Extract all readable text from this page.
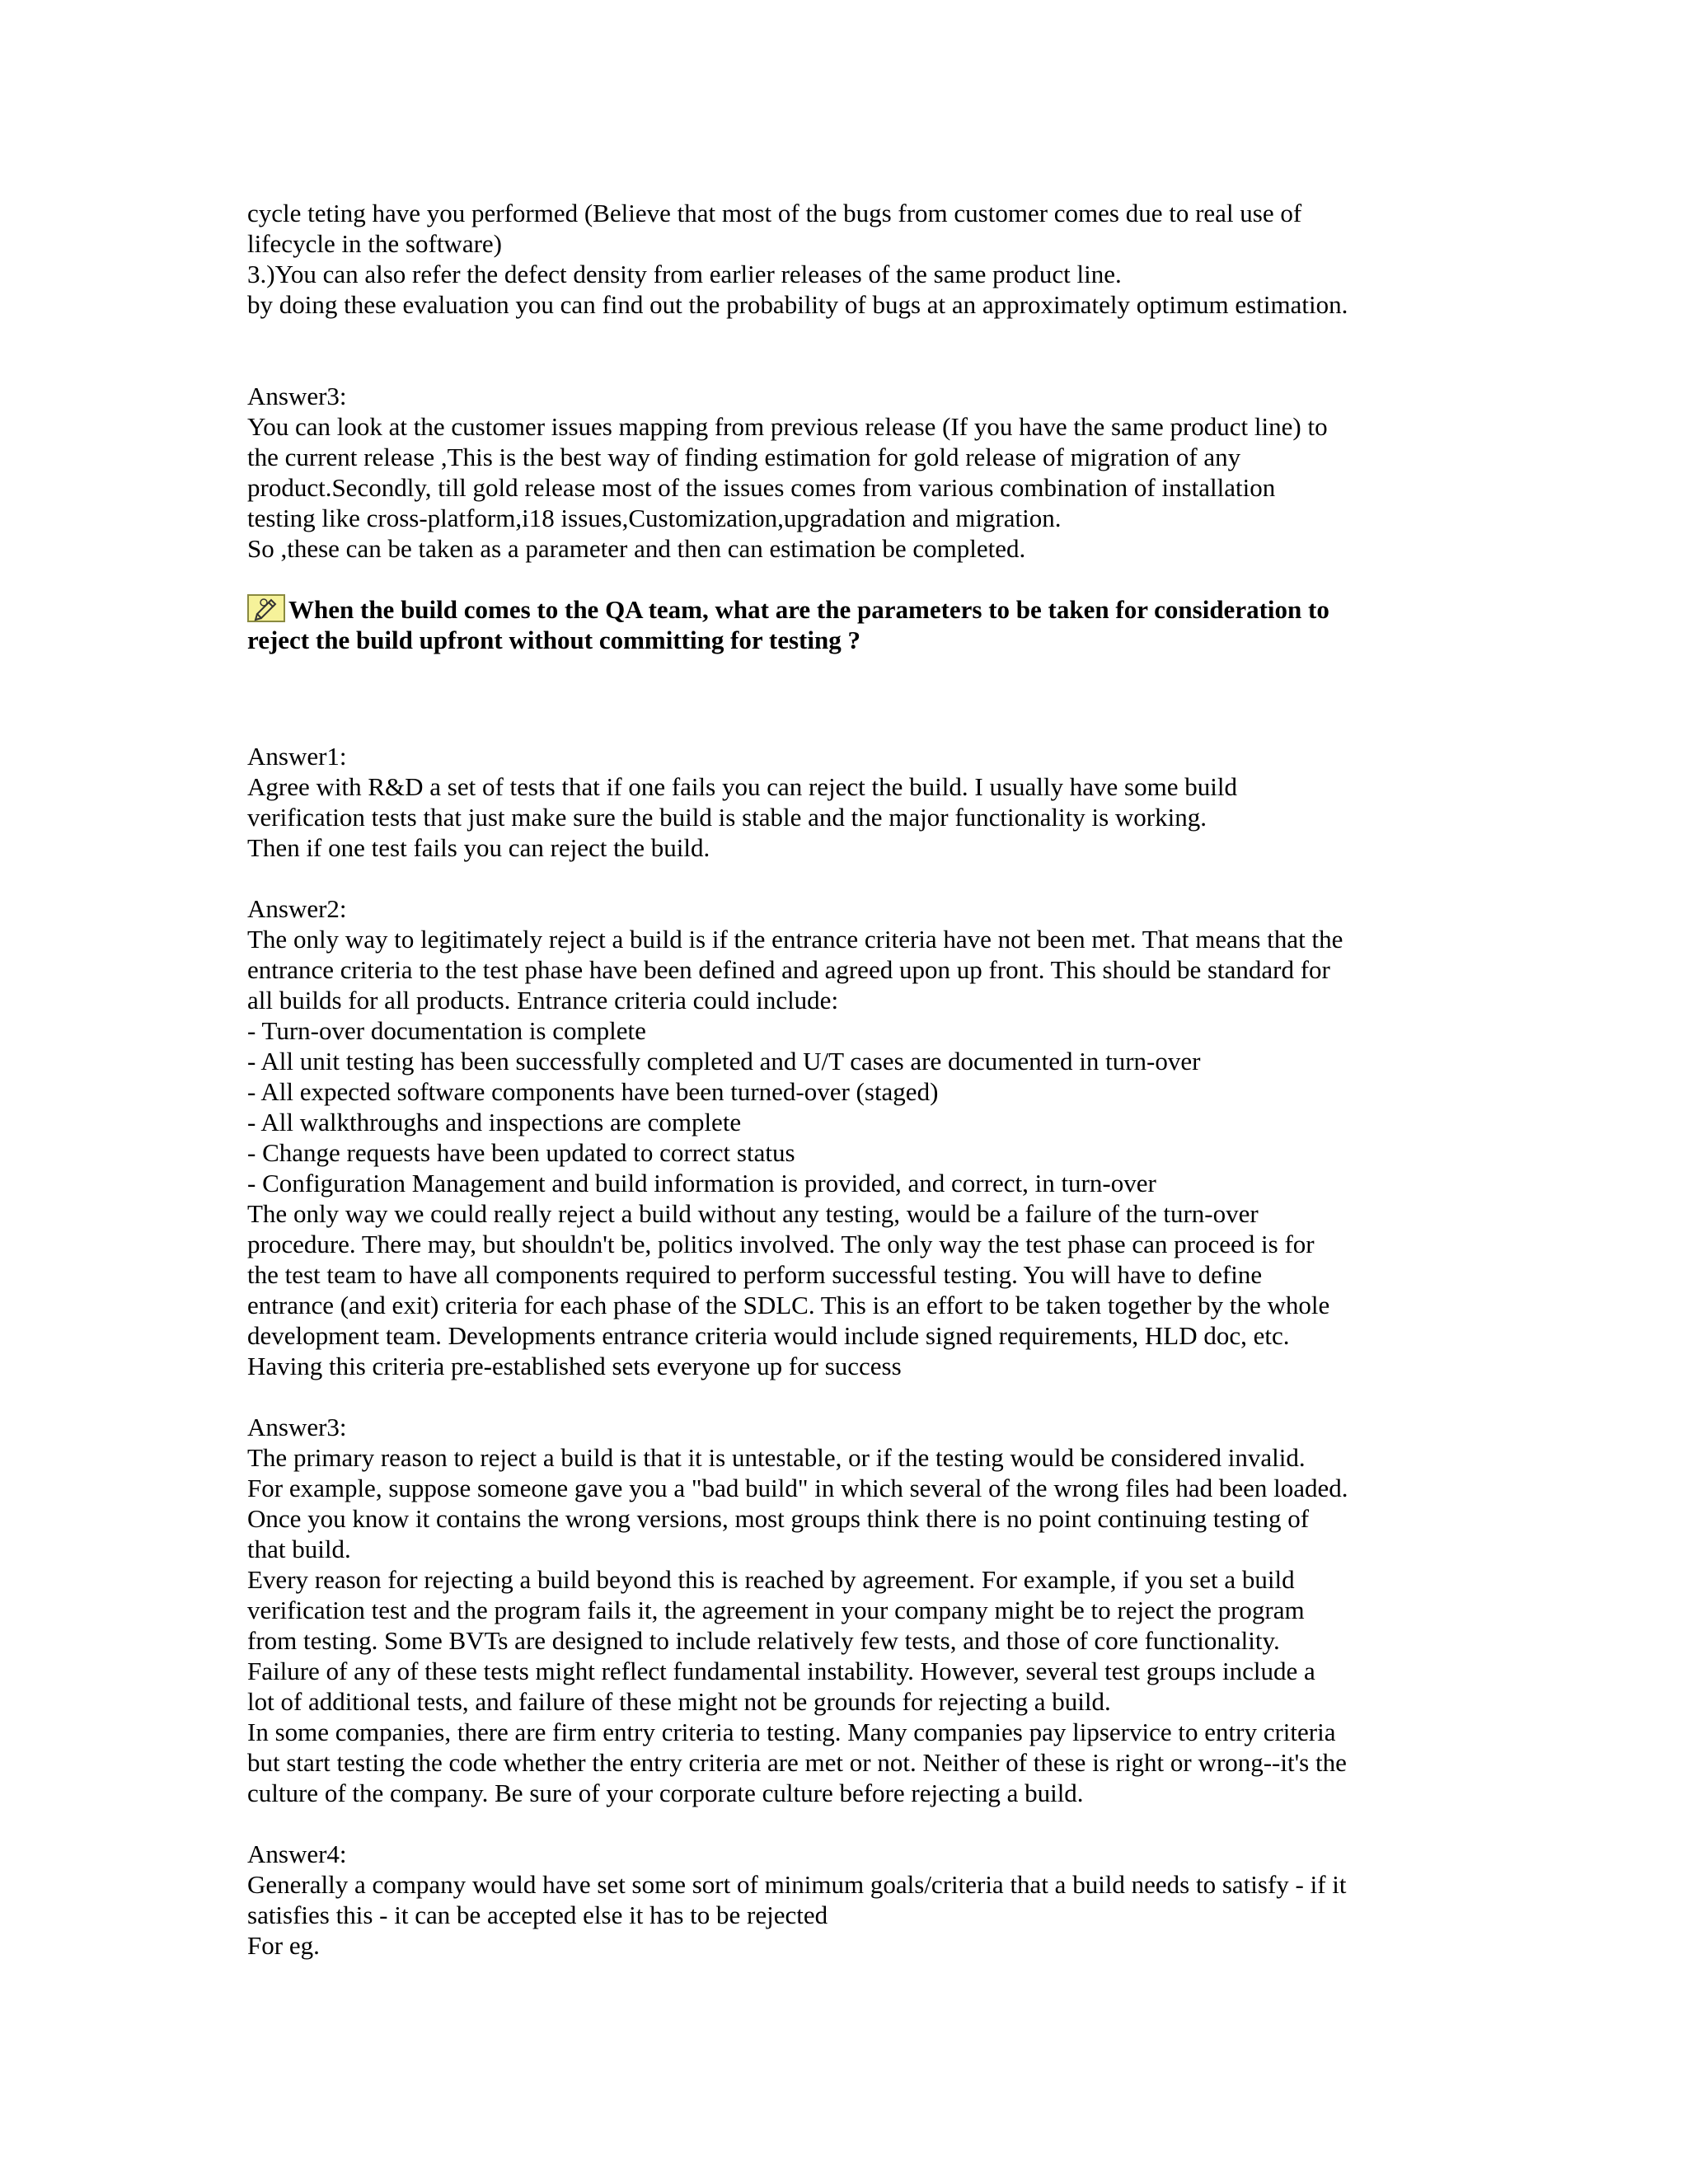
cycle teting have you performed (Believe that most of the bugs from customer comes due to real use of
lifecycle in the software)
3.)You can also refer the defect density from earlier releases of the same product line.
by doing these evaluation you can find out the probability of bugs at an approximately optimum estimation.
Answer3:
You can look at the customer issues mapping from previous release (If you have the same product line) to
the current release ,This is the best way of finding estimation for gold release of migration of any
product.Secondly, till gold release most of the issues comes from various combination of installation
testing like cross-platform,i18 issues,Customization,upgradation and migration.
So ,these can be taken as a parameter and then can estimation be completed.
When the build comes to the QA team, what are the parameters to be taken for consideration to
reject the build upfront without committing for testing ?
Answer1:
Agree with R&D a set of tests that if one fails you can reject the build. I usually have some build
verification tests that just make sure the build is stable and the major functionality is working.
Then if one test fails you can reject the build.
Answer2:
The only way to legitimately reject a build is if the entrance criteria have not been met. That means that the
entrance criteria to the test phase have been defined and agreed upon up front. This should be standard for
all builds for all products. Entrance criteria could include:
- Turn-over documentation is complete
- All unit testing has been successfully completed and U/T cases are documented in turn-over
- All expected software components have been turned-over (staged)
- All walkthroughs and inspections are complete
- Change requests have been updated to correct status
- Configuration Management and build information is provided, and correct, in turn-over
The only way we could really reject a build without any testing, would be a failure of the turn-over
procedure. There may, but shouldn't be, politics involved. The only way the test phase can proceed is for
the test team to have all components required to perform successful testing. You will have to define
entrance (and exit) criteria for each phase of the SDLC. This is an effort to be taken together by the whole
development team. Developments entrance criteria would include signed requirements, HLD doc, etc.
Having this criteria pre-established sets everyone up for success
Answer3:
The primary reason to reject a build is that it is untestable, or if the testing would be considered invalid.
For example, suppose someone gave you a "bad build" in which several of the wrong files had been loaded.
Once you know it contains the wrong versions, most groups think there is no point continuing testing of
that build.
Every reason for rejecting a build beyond this is reached by agreement. For example, if you set a build
verification test and the program fails it, the agreement in your company might be to reject the program
from testing. Some BVTs are designed to include relatively few tests, and those of core functionality.
Failure of any of these tests might reflect fundamental instability. However, several test groups include a
lot of additional tests, and failure of these might not be grounds for rejecting a build.
In some companies, there are firm entry criteria to testing. Many companies pay lipservice to entry criteria
but start testing the code whether the entry criteria are met or not. Neither of these is right or wrong--it's the
culture of the company. Be sure of your corporate culture before rejecting a build.
Answer4:
Generally a company would have set some sort of minimum goals/criteria that a build needs to satisfy - if it
satisfies this - it can be accepted else it has to be rejected
For eg.
